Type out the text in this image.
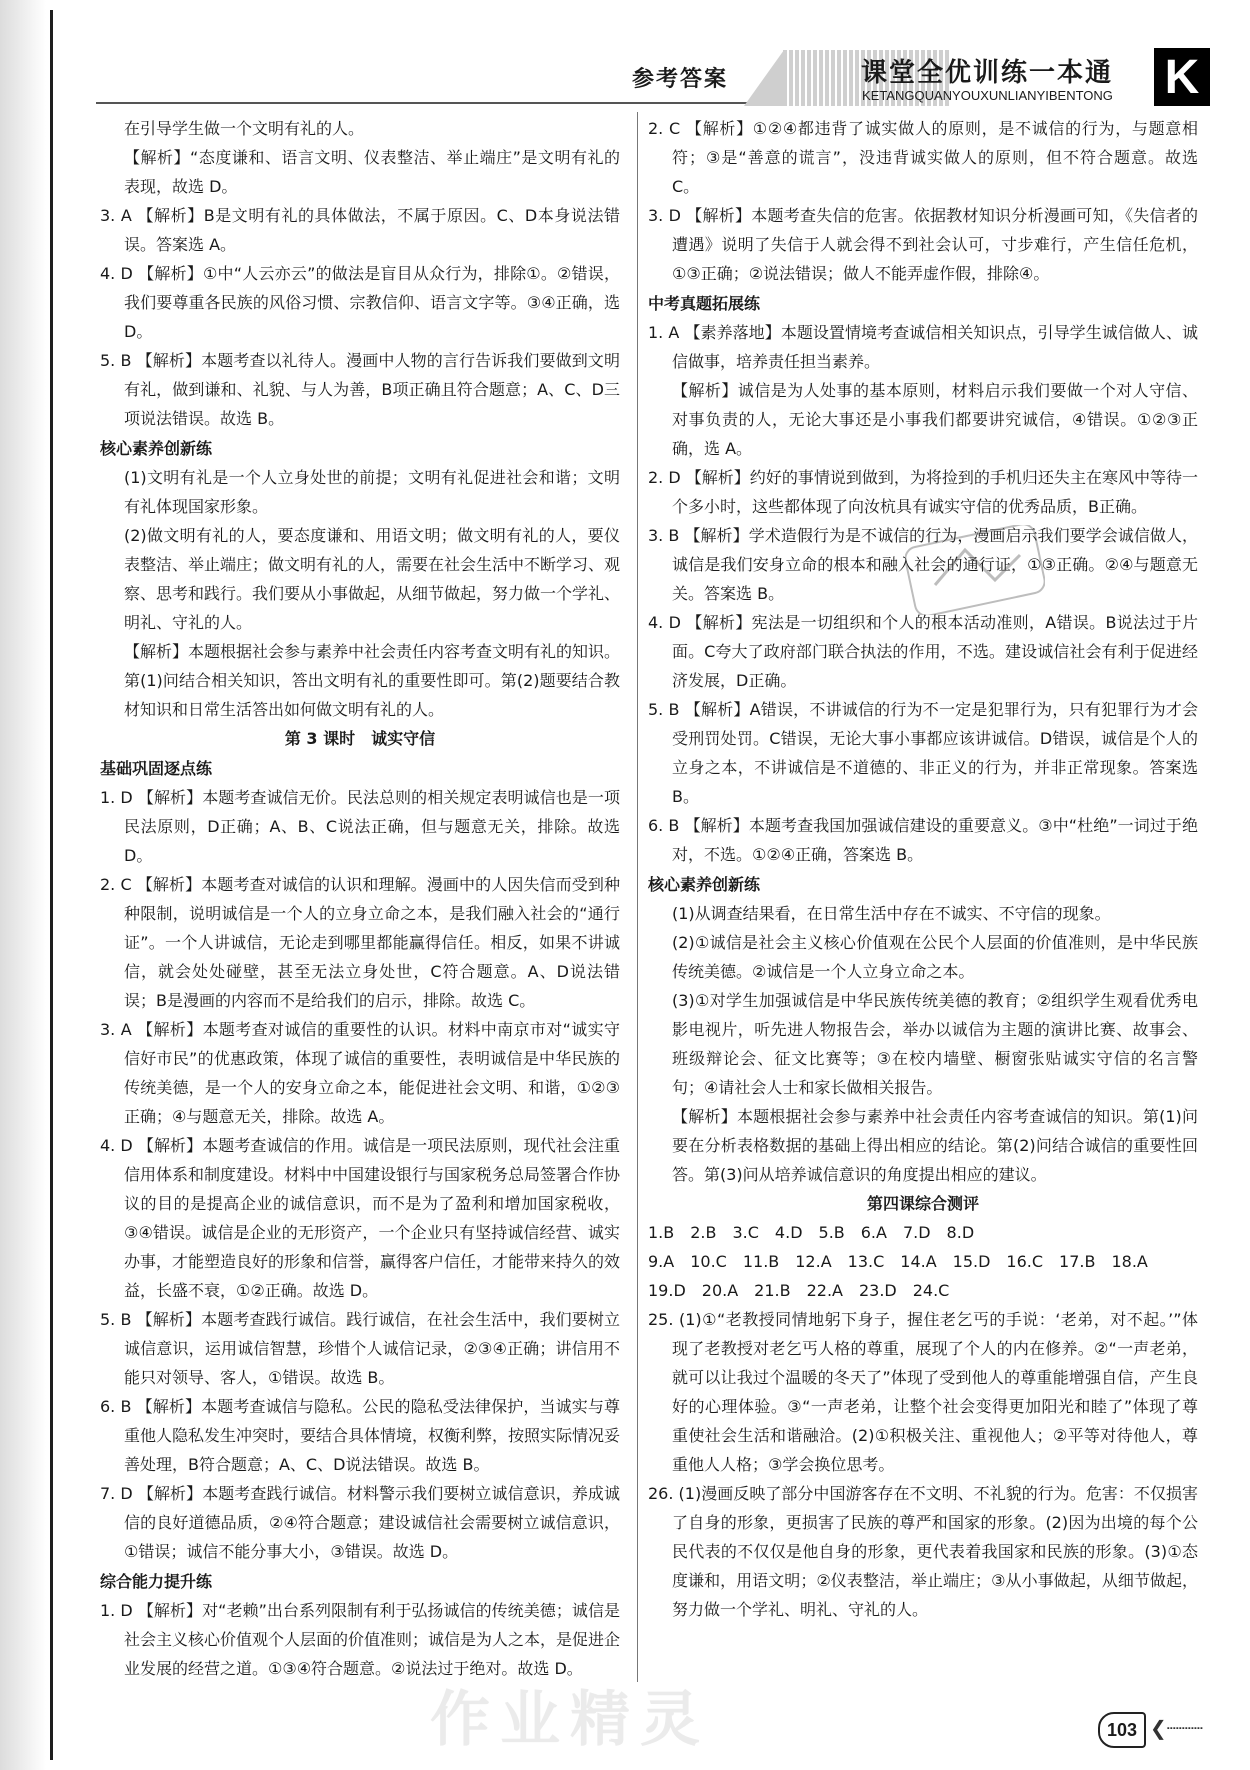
参考答案	课堂全优训练一本通
KETANGQUANYOUXUNLIANYIBENTONG K
在引导学生做一个文明有礼的人。
【解析】“态度谦和、语言文明、仪表整洁、举止端庄”是文明有礼的表现，故选 D。
3. A 【解析】B是文明有礼的具体做法，不属于原因。C、D本身说法错误。答案选 A。
4. D 【解析】①中“人云亦云”的做法是盲目从众行为，排除①。②错误，我们要尊重各民族的风俗习惯、宗教信仰、语言文字等。③④正确，选 D。
5. B 【解析】本题考查以礼待人。漫画中人物的言行告诉我们要做到文明有礼，做到谦和、礼貌、与人为善，B项正确且符合题意；A、C、D三项说法错误。故选 B。
核心素养创新练
(1)文明有礼是一个人立身处世的前提；文明有礼促进社会和谐；文明有礼体现国家形象。
(2)做文明有礼的人，要态度谦和、用语文明；做文明有礼的人，要仪表整洁、举止端庄；做文明有礼的人，需要在社会生活中不断学习、观察、思考和践行。我们要从小事做起，从细节做起，努力做一个学礼、明礼、守礼的人。
【解析】本题根据社会参与素养中社会责任内容考查文明有礼的知识。第(1)问结合相关知识，答出文明有礼的重要性即可。第(2)题要结合教材知识和日常生活答出如何做文明有礼的人。
第 3 课时　诚实守信
基础巩固逐点练
1. D 【解析】本题考查诚信无价。民法总则的相关规定表明诚信也是一项民法原则，D正确；A、B、C说法正确，但与题意无关，排除。故选 D。
2. C 【解析】本题考查对诚信的认识和理解。漫画中的人因失信而受到种种限制，说明诚信是一个人的立身立命之本，是我们融入社会的“通行证”。一个人讲诚信，无论走到哪里都能赢得信任。相反，如果不讲诚信，就会处处碰壁，甚至无法立身处世，C符合题意。A、D说法错误；B是漫画的内容而不是给我们的启示，排除。故选 C。
3. A 【解析】本题考查对诚信的重要性的认识。材料中南京市对“诚实守信好市民”的优惠政策，体现了诚信的重要性，表明诚信是中华民族的传统美德，是一个人的安身立命之本，能促进社会文明、和谐，①②③正确；④与题意无关，排除。故选 A。
4. D 【解析】本题考查诚信的作用。诚信是一项民法原则，现代社会注重信用体系和制度建设。材料中中国建设银行与国家税务总局签署合作协议的目的是提高企业的诚信意识，而不是为了盈利和增加国家税收，③④错误。诚信是企业的无形资产，一个企业只有坚持诚信经营、诚实办事，才能塑造良好的形象和信誉，赢得客户信任，才能带来持久的效益，长盛不衰，①②正确。故选 D。
5. B 【解析】本题考查践行诚信。践行诚信，在社会生活中，我们要树立诚信意识，运用诚信智慧，珍惜个人诚信记录，②③④正确；讲信用不能只对领导、客人，①错误。故选 B。
6. B 【解析】本题考查诚信与隐私。公民的隐私受法律保护，当诚实与尊重他人隐私发生冲突时，要结合具体情境，权衡利弊，按照实际情况妥善处理，B符合题意；A、C、D说法错误。故选 B。
7. D 【解析】本题考查践行诚信。材料警示我们要树立诚信意识，养成诚信的良好道德品质，②④符合题意；建设诚信社会需要树立诚信意识，①错误；诚信不能分事大小，③错误。故选 D。
综合能力提升练
1. D 【解析】对“老赖”出台系列限制有利于弘扬诚信的传统美德；诚信是社会主义核心价值观个人层面的价值准则；诚信是为人之本，是促进企业发展的经营之道。①③④符合题意。②说法过于绝对。故选 D。
2. C 【解析】①②④都违背了诚实做人的原则，是不诚信的行为，与题意相符；③是“善意的谎言”，没违背诚实做人的原则，但不符合题意。故选 C。
3. D 【解析】本题考查失信的危害。依据教材知识分析漫画可知，《失信者的遭遇》说明了失信于人就会得不到社会认可，寸步难行，产生信任危机，①③正确；②说法错误；做人不能弄虚作假，排除④。
中考真题拓展练
1. A 【素养落地】本题设置情境考查诚信相关知识点，引导学生诚信做人、诚信做事，培养责任担当素养。
【解析】诚信是为人处事的基本原则，材料启示我们要做一个对人守信、对事负责的人，无论大事还是小事我们都要讲究诚信，④错误。①②③正确，选 A。
2. D 【解析】约好的事情说到做到，为将捡到的手机归还失主在寒风中等待一个多小时，这些都体现了向汝杭具有诚实守信的优秀品质，B正确。
3. B 【解析】学术造假行为是不诚信的行为，漫画启示我们要学会诚信做人，诚信是我们安身立命的根本和融入社会的通行证，①③正确。②④与题意无关。答案选 B。
4. D 【解析】宪法是一切组织和个人的根本活动准则，A错误。B说法过于片面。C夸大了政府部门联合执法的作用，不选。建设诚信社会有利于促进经济发展，D正确。
5. B 【解析】A错误，不讲诚信的行为不一定是犯罪行为，只有犯罪行为才会受刑罚处罚。C错误，无论大事小事都应该讲诚信。D错误，诚信是个人的立身之本，不讲诚信是不道德的、非正义的行为，并非正常现象。答案选 B。
6. B 【解析】本题考查我国加强诚信建设的重要意义。③中“杜绝”一词过于绝对，不选。①②④正确，答案选 B。
核心素养创新练
(1)从调查结果看，在日常生活中存在不诚实、不守信的现象。
(2)①诚信是社会主义核心价值观在公民个人层面的价值准则，是中华民族传统美德。②诚信是一个人立身立命之本。
(3)①对学生加强诚信是中华民族传统美德的教育；②组织学生观看优秀电影电视片，听先进人物报告会，举办以诚信为主题的演讲比赛、故事会、班级辩论会、征文比赛等；③在校内墙壁、橱窗张贴诚实守信的名言警句；④请社会人士和家长做相关报告。
【解析】本题根据社会参与素养中社会责任内容考查诚信的知识。第(1)问要在分析表格数据的基础上得出相应的结论。第(2)问结合诚信的重要性回答。第(3)问从培养诚信意识的角度提出相应的建议。
第四课综合测评
1.B　2.B　3.C　4.D　5.B　6.A　7.D　8.D
9.A　10.C　11.B　12.A　13.C　14.A　15.D　16.C　17.B　18.A
19.D　20.A　21.B　22.A　23.D　24.C
25. (1)①“老教授同情地躬下身子，握住老乞丐的手说：‘老弟，对不起。’”体现了老教授对老乞丐人格的尊重，展现了个人的内在修养。②“一声老弟，就可以让我过个温暖的冬天了”体现了受到他人的尊重能增强自信，产生良好的心理体验。③“一声老弟，让整个社会变得更加阳光和睦了”体现了尊重使社会生活和谐融洽。(2)①积极关注、重视他人；②平等对待他人，尊重他人人格；③学会换位思考。
26. (1)漫画反映了部分中国游客存在不文明、不礼貌的行为。危害：不仅损害了自身的形象，更损害了民族的尊严和国家的形象。(2)因为出境的每个公民代表的不仅仅是他自身的形象，更代表着我国家和民族的形象。(3)①态度谦和，用语文明；②仪表整洁，举止端庄；③从小事做起，从细节做起，努力做一个学礼、明礼、守礼的人。
作业精灵	103 ❮┈┈┈
